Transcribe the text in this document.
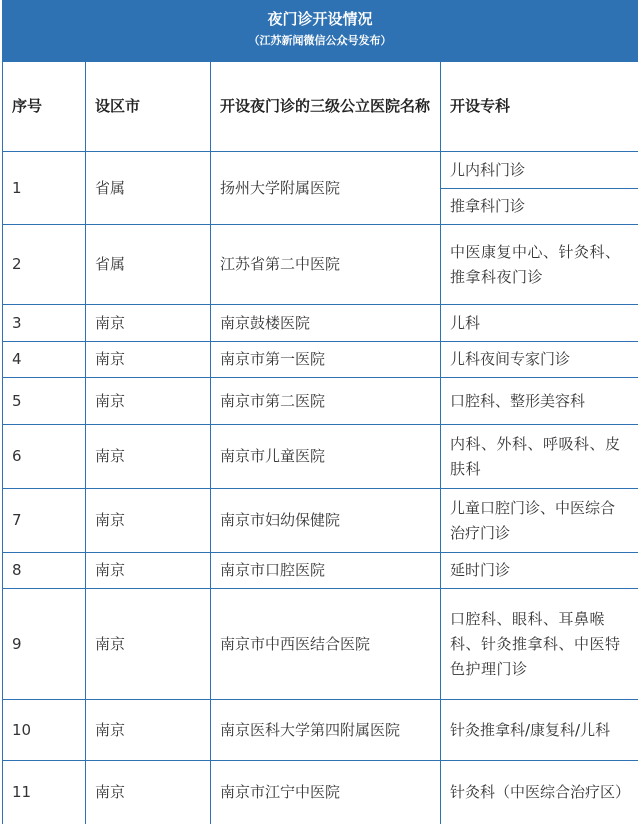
夜门诊开设情况
（江苏新闻微信公众号发布）
序号	设区市	开设夜门诊的三级公立医院名称	开设专科
1	省属	扬州大学附属医院	儿内科门诊
			推拿科门诊
2	省属	江苏省第二中医院	中医康复中心、针灸科、推拿科夜门诊
3	南京	南京鼓楼医院	儿科
4	南京	南京市第一医院	儿科夜间专家门诊
5	南京	南京市第二医院	口腔科、整形美容科
6	南京	南京市儿童医院	内科、外科、呼吸科、皮肤科
7	南京	南京市妇幼保健院	儿童口腔门诊、中医综合治疗门诊
8	南京	南京市口腔医院	延时门诊
9	南京	南京市中西医结合医院	口腔科、眼科、耳鼻喉科、针灸推拿科、中医特色护理门诊
10	南京	南京医科大学第四附属医院	针灸推拿科/康复科/儿科
11	南京	南京市江宁中医院	针灸科（中医综合治疗区）
